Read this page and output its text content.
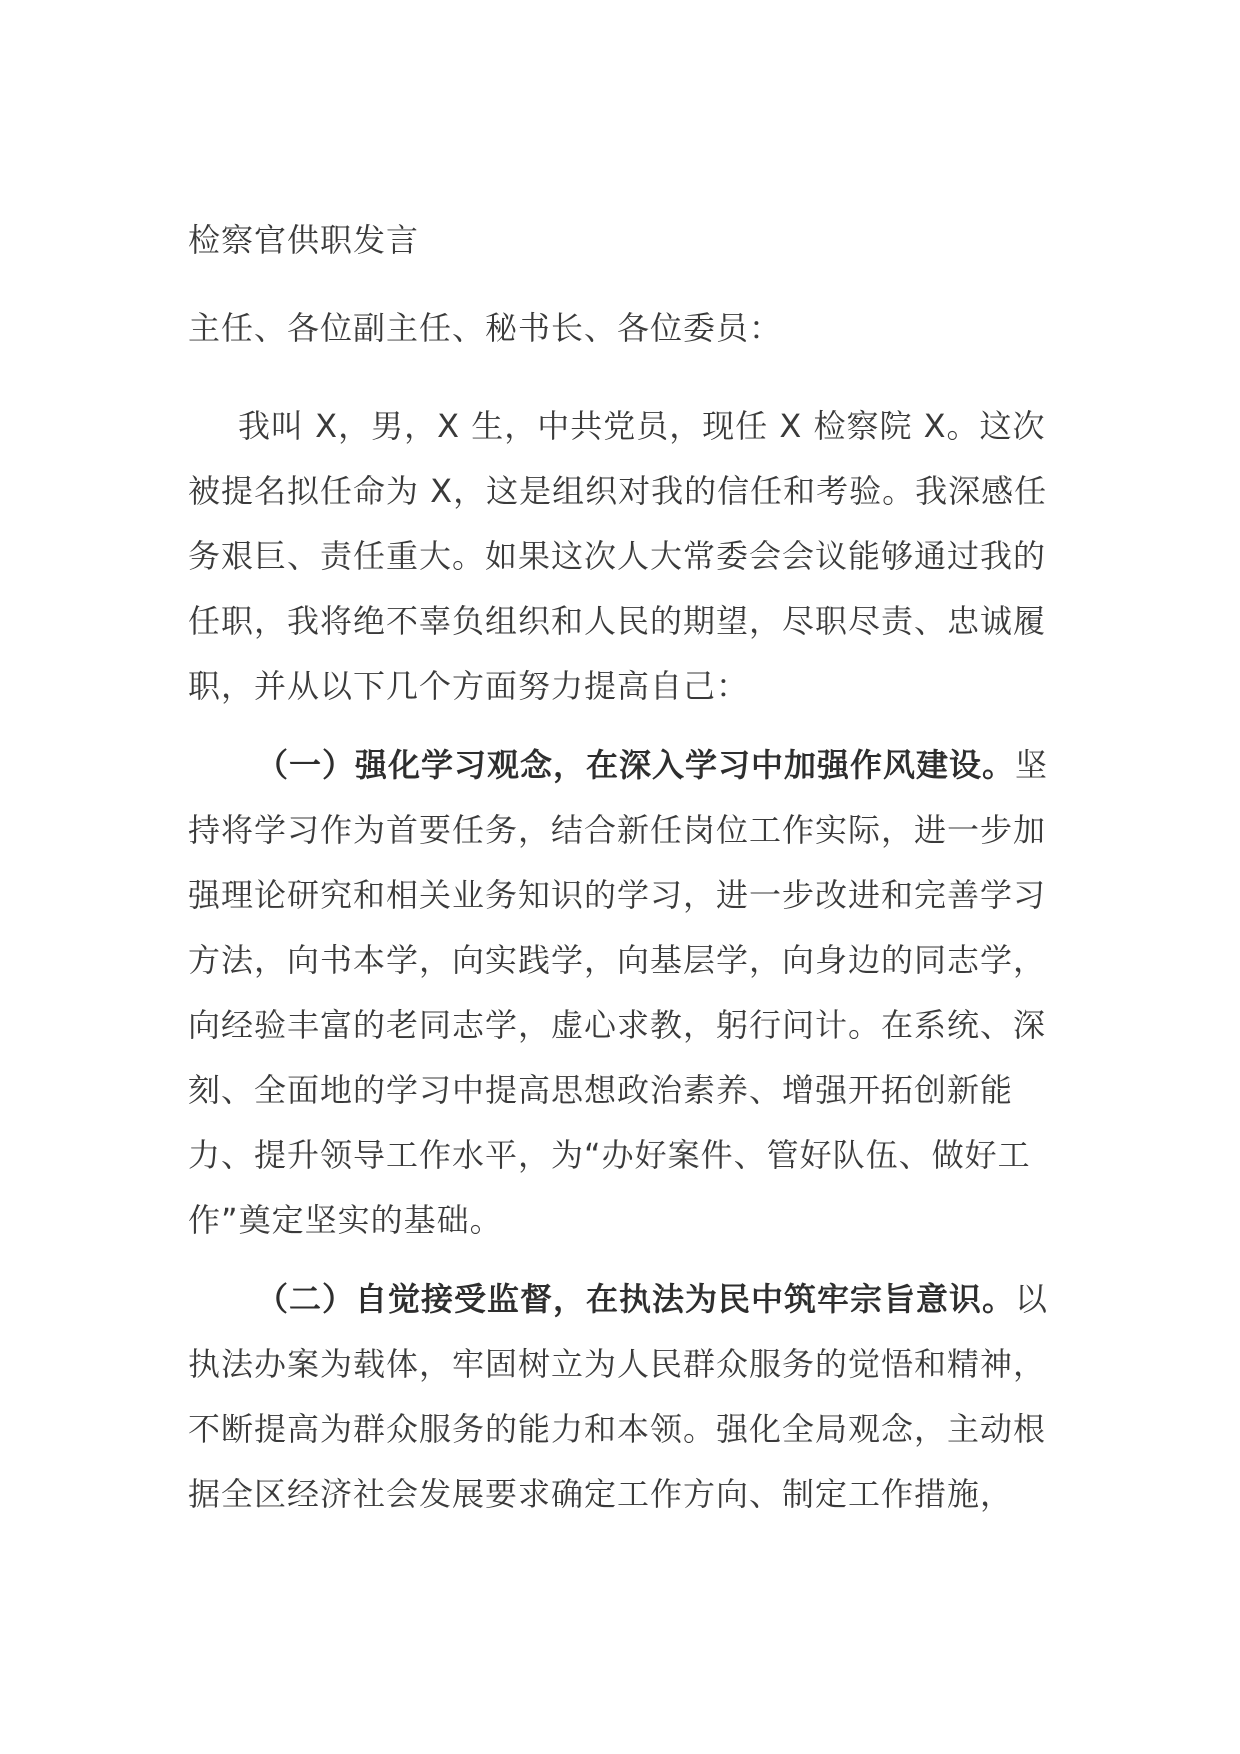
检察官供职发言
主任、各位副主任、秘书长、各位委员：

我叫 X，男，X 生，中共党员，现任 X 检察院 X。这次被提名拟任命为 X，这是组织对我的信任和考验。我深感任务艰巨、责任重大。如果这次人大常委会会议能够通过我的任职，我将绝不辜负组织和人民的期望，尽职尽责、忠诚履职，并从以下几个方面努力提高自己：

（一）强化学习观念，在深入学习中加强作风建设。坚持将学习作为首要任务，结合新任岗位工作实际，进一步加强理论研究和相关业务知识的学习，进一步改进和完善学习方法，向书本学，向实践学，向基层学，向身边的同志学，向经验丰富的老同志学，虚心求教，躬行问计。在系统、深刻、全面地的学习中提高思想政治素养、增强开拓创新能力、提升领导工作水平，为“办好案件、管好队伍、做好工作”奠定坚实的基础。

（二）自觉接受监督，在执法为民中筑牢宗旨意识。以执法办案为载体，牢固树立为人民群众服务的觉悟和精神，不断提高为群众服务的能力和本领。强化全局观念，主动根据全区经济社会发展要求确定工作方向、制定工作措施，
